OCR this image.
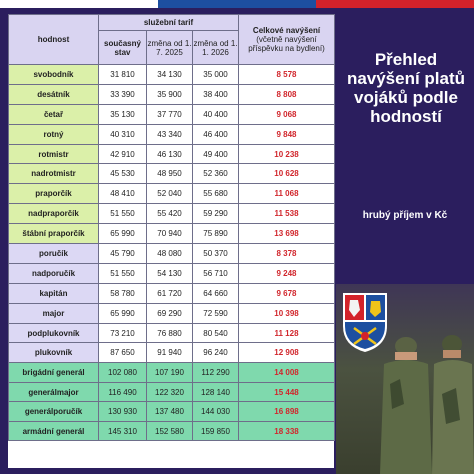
hodnost	služební tarif			Celkové navýšení
(včetně navýšení příspěvku na bydlení)

	současný stav	změna od 1. 7. 2025	změna od 1. 1. 2026	

svobodník	31 810	34 130	35 000	8 578
desátník	33 390	35 900	38 400	8 808
četař	35 130	37 770	40 400	9 068
rotný	40 310	43 340	46 400	9 848
rotmistr	42 910	46 130	49 400	10 238
nadrotmistr	45 530	48 950	52 360	10 628
praporčík	48 410	52 040	55 680	11 068
nadpraporčík	51 550	55 420	59 290	11 538
štábní praporčík	65 990	70 940	75 890	13 698
poručík	45 790	48 080	50 370	8 378
nadporučík	51 550	54 130	56 710	9 248
kapitán	58 780	61 720	64 660	9 678
major	65 990	69 290	72 590	10 398
podplukovník	73 210	76 880	80 540	11 128
plukovník	87 650	91 940	96 240	12 908
brigádní generál	102 080	107 190	112 290	14 008
generálmajor	116 490	122 320	128 140	15 448
generálporučík	130 930	137 480	144 030	16 898
armádní generál	145 310	152 580	159 850	18 338
Přehled navýšení platů vojáků podle hodností
hrubý příjem v Kč
